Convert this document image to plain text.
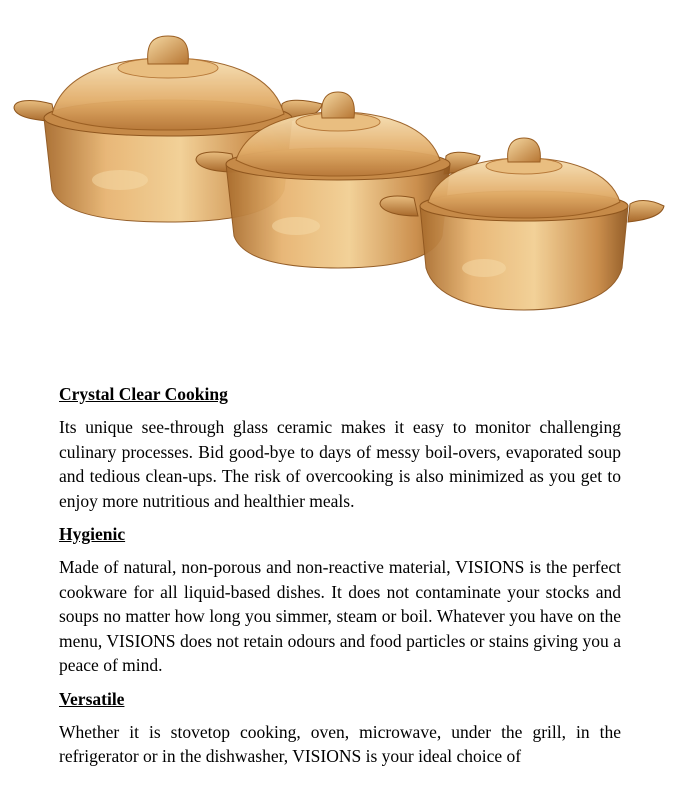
Crystal Clear Cooking

Its unique see-through glass ceramic makes it easy to monitor challenging culinary processes. Bid good-bye to days of messy boil-overs, evaporated soup and tedious clean-ups. The risk of overcooking is also minimized as you get to enjoy more nutritious and healthier meals.

Hygienic

Made of natural, non-porous and non-reactive material, VISIONS is the perfect cookware for all liquid-based dishes. It does not contaminate your stocks and soups no matter how long you simmer, steam or boil. Whatever you have on the menu, VISIONS does not retain odours and food particles or stains giving you a peace of mind.

Versatile

Whether it is stovetop cooking, oven, microwave, under the grill, in the refrigerator or in the dishwasher, VISIONS is your ideal choice of
